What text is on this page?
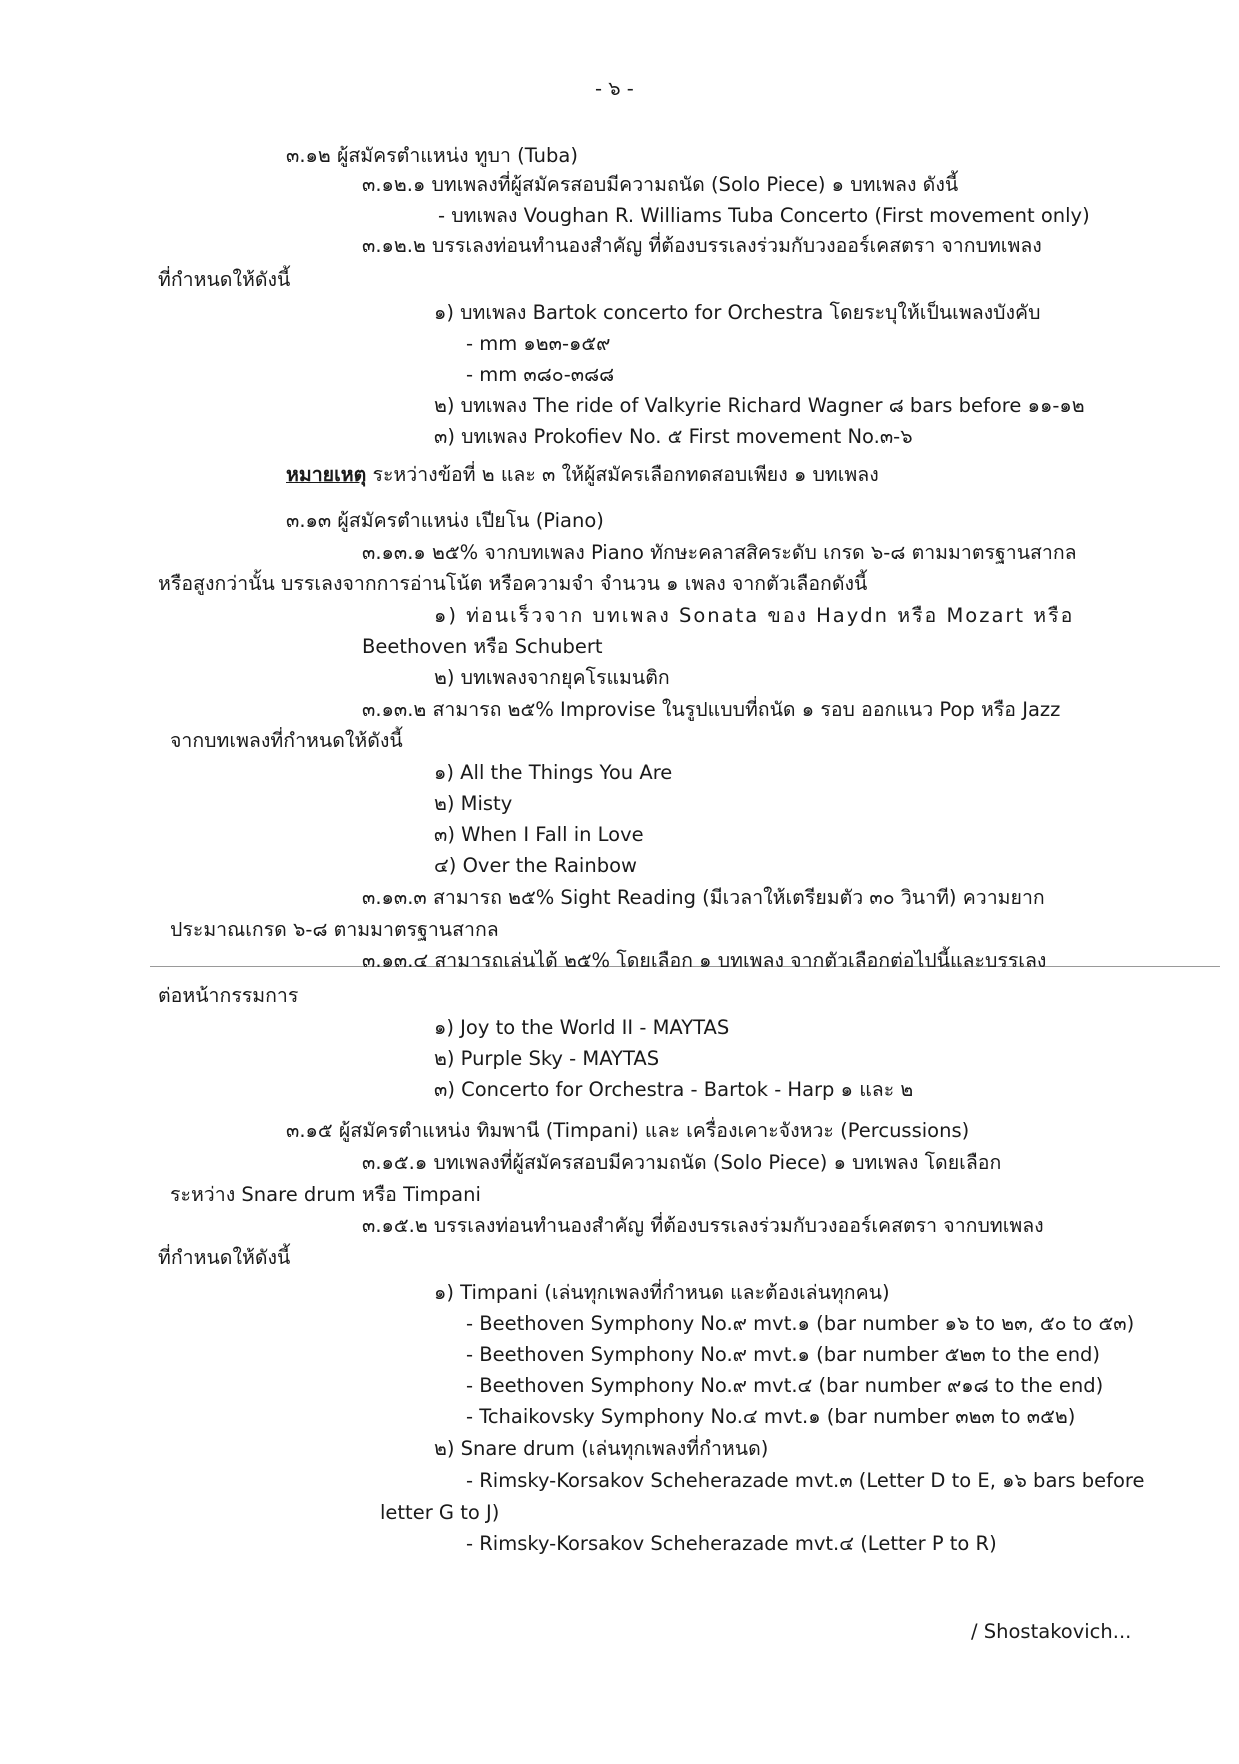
- ๖ -
๓.๑๒ ผู้สมัครตำแหน่ง ทูบา (Tuba)
๓.๑๒.๑ บทเพลงที่ผู้สมัครสอบมีความถนัด (Solo Piece) ๑ บทเพลง ดังนี้
- บทเพลง Voughan R. Williams Tuba Concerto (First movement only)
๓.๑๒.๒ บรรเลงท่อนทำนองสำคัญ ที่ต้องบรรเลงร่วมกับวงออร์เคสตรา จากบทเพลง
ที่กำหนดให้ดังนี้
๑) บทเพลง Bartok concerto for Orchestra โดยระบุให้เป็นเพลงบังคับ
- mm ๑๒๓-๑๕๙
- mm ๓๘๐-๓๘๘
๒) บทเพลง The ride of Valkyrie Richard Wagner ๘ bars before ๑๑-๑๒
๓) บทเพลง Prokofiev No. ๕ First movement No.๓-๖
หมายเหตุ ระหว่างข้อที่ ๒ และ ๓ ให้ผู้สมัครเลือกทดสอบเพียง ๑ บทเพลง
๓.๑๓ ผู้สมัครตำแหน่ง เปียโน (Piano)
๓.๑๓.๑ ๒๕% จากบทเพลง Piano ทักษะคลาสสิคระดับ เกรด ๖-๘ ตามมาตรฐานสากล
หรือสูงกว่านั้น บรรเลงจากการอ่านโน้ต หรือความจำ จำนวน ๑ เพลง จากตัวเลือกดังนี้
๑) ท่อนเร็วจาก บทเพลง Sonata ของ Haydn หรือ Mozart หรือ
Beethoven หรือ Schubert
๒) บทเพลงจากยุคโรแมนติก
๓.๑๓.๒ สามารถ ๒๕% Improvise ในรูปแบบที่ถนัด ๑ รอบ ออกแนว Pop หรือ Jazz
จากบทเพลงที่กำหนดให้ดังนี้
๑) All the Things You Are
๒) Misty
๓) When I Fall in Love
๔) Over the Rainbow
๓.๑๓.๓ สามารถ ๒๕% Sight Reading (มีเวลาให้เตรียมตัว ๓๐ วินาที) ความยาก
ประมาณเกรด ๖-๘ ตามมาตรฐานสากล
๓.๑๓.๔ สามารถเล่นได้ ๒๕% โดยเลือก ๑ บทเพลง จากตัวเลือกต่อไปนี้และบรรเลง
ต่อหน้ากรรมการ
๑) Joy to the World II - MAYTAS
๒) Purple Sky - MAYTAS
๓) Concerto for Orchestra - Bartok - Harp ๑ และ ๒
๓.๑๕ ผู้สมัครตำแหน่ง ทิมพานี (Timpani) และ เครื่องเคาะจังหวะ (Percussions)
๓.๑๕.๑ บทเพลงที่ผู้สมัครสอบมีความถนัด (Solo Piece) ๑ บทเพลง โดยเลือก
ระหว่าง Snare drum หรือ Timpani
๓.๑๕.๒ บรรเลงท่อนทำนองสำคัญ ที่ต้องบรรเลงร่วมกับวงออร์เคสตรา จากบทเพลง
ที่กำหนดให้ดังนี้
๑) Timpani (เล่นทุกเพลงที่กำหนด และต้องเล่นทุกคน)
- Beethoven Symphony No.๙ mvt.๑ (bar number ๑๖ to ๒๓, ๕๐ to ๕๓)
- Beethoven Symphony No.๙ mvt.๑ (bar number ๕๒๓ to the end)
- Beethoven Symphony No.๙ mvt.๔ (bar number ๙๑๘ to the end)
- Tchaikovsky Symphony No.๔ mvt.๑ (bar number ๓๒๓ to ๓๕๒)
๒) Snare drum (เล่นทุกเพลงที่กำหนด)
- Rimsky-Korsakov Scheherazade mvt.๓ (Letter D to E, ๑๖ bars before
letter G to J)
- Rimsky-Korsakov Scheherazade mvt.๔ (Letter P to R)
/ Shostakovich...
